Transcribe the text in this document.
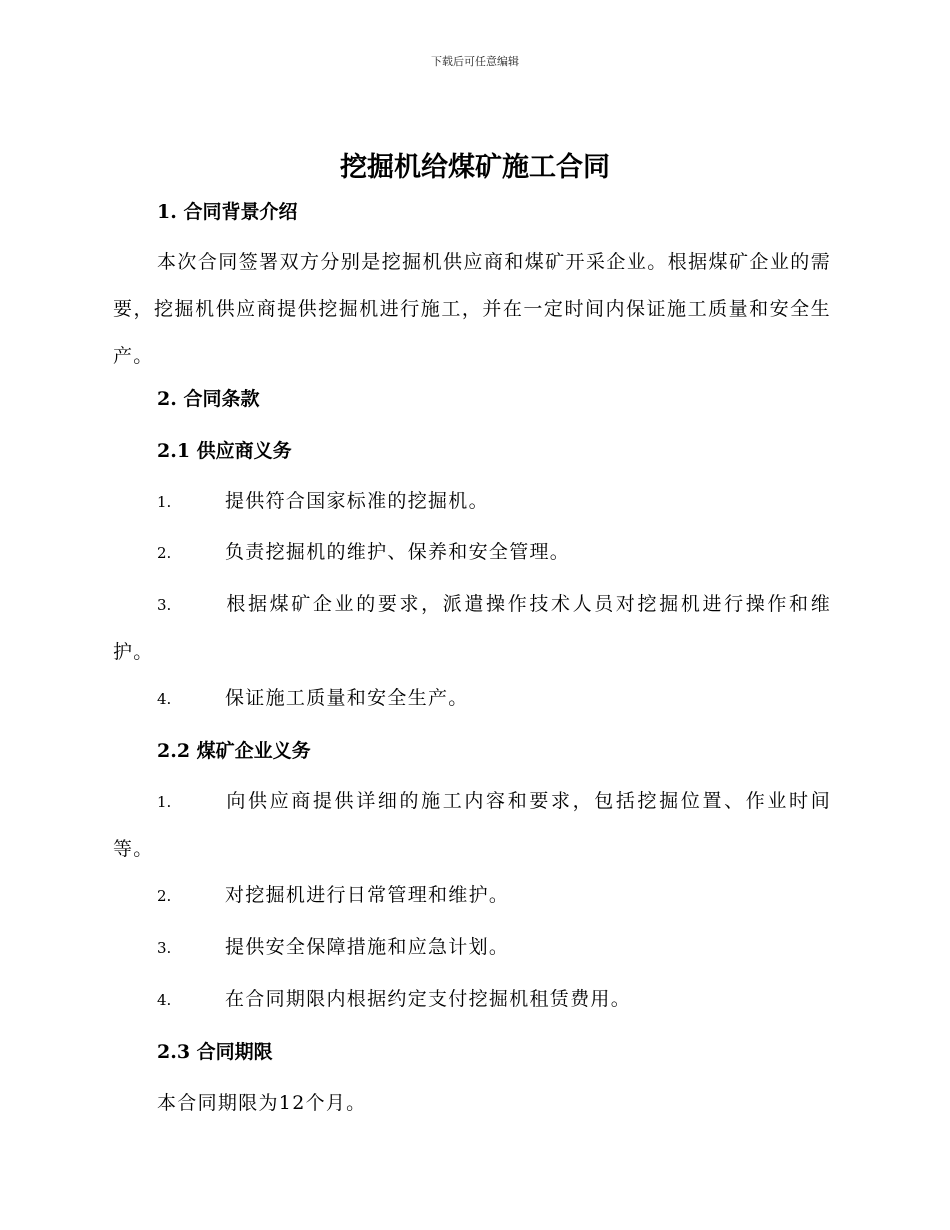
下载后可任意编辑
挖掘机给煤矿施工合同
1. 合同背景介绍
本次合同签署双方分别是挖掘机供应商和煤矿开采企业。根据煤矿企业的需要，挖掘机供应商提供挖掘机进行施工，并在一定时间内保证施工质量和安全生产。
2. 合同条款
2.1 供应商义务
1.	提供符合国家标准的挖掘机。
2.	负责挖掘机的维护、保养和安全管理。
3.	根据煤矿企业的要求，派遣操作技术人员对挖掘机进行操作和维护。
4.	保证施工质量和安全生产。
2.2 煤矿企业义务
1.	向供应商提供详细的施工内容和要求，包括挖掘位置、作业时间等。
2.	对挖掘机进行日常管理和维护。
3.	提供安全保障措施和应急计划。
4.	在合同期限内根据约定支付挖掘机租赁费用。
2.3 合同期限
本合同期限为12个月。
